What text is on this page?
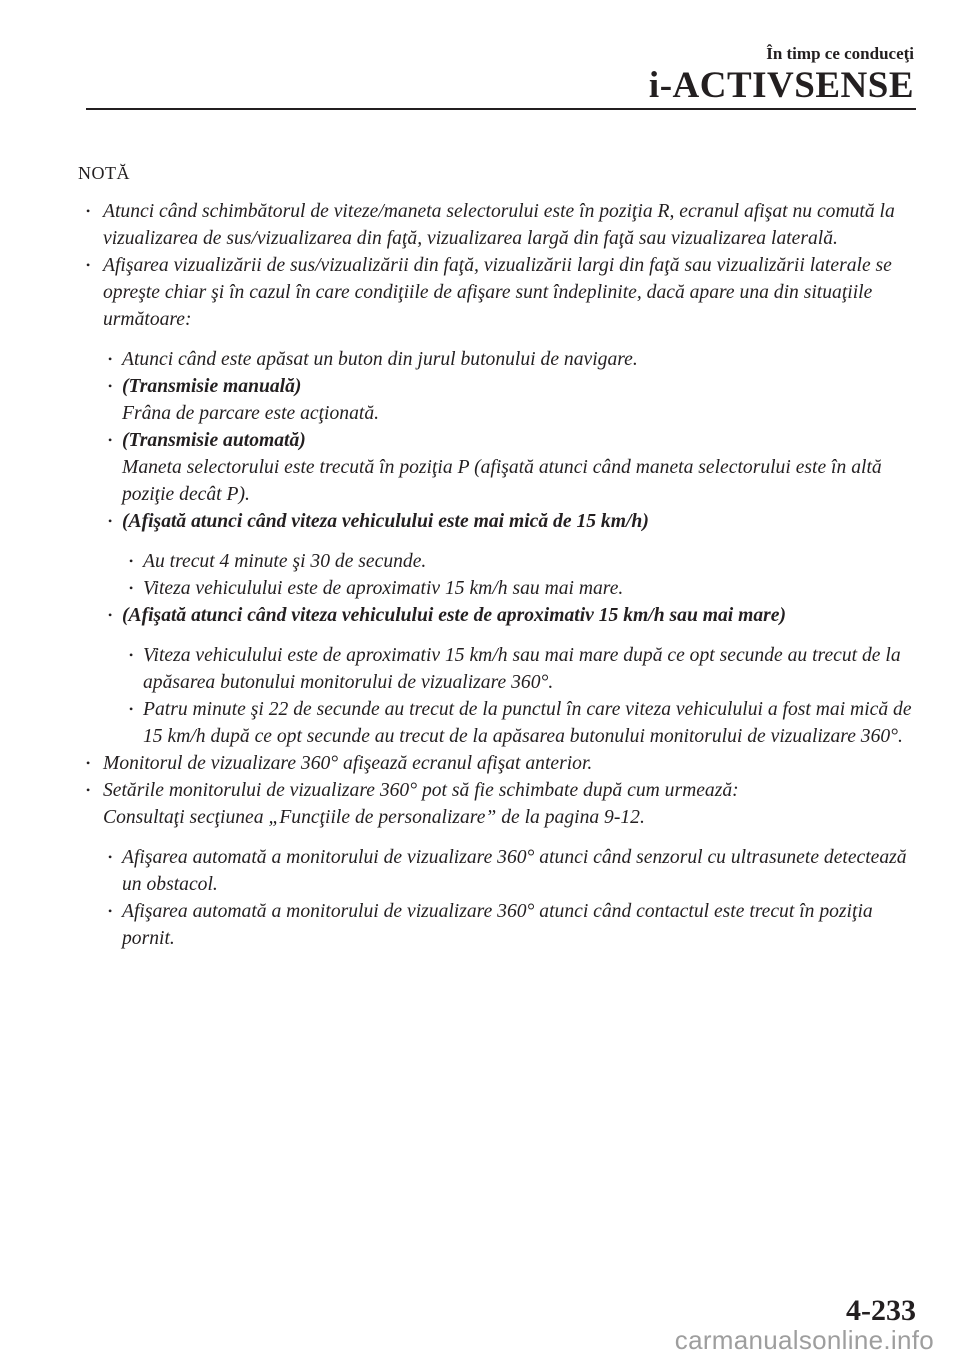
În timp ce conduceţi
i-ACTIVSENSE
NOTĂ
• Atunci când schimbătorul de viteze/maneta selectorului este în poziţia R, ecranul afişat nu comută la vizualizarea de sus/vizualizarea din faţă, vizualizarea largă din faţă sau vizualizarea laterală.
• Afişarea vizualizării de sus/vizualizării din faţă, vizualizării largi din faţă sau vizualizării laterale se opreşte chiar şi în cazul în care condiţiile de afişare sunt îndeplinite, dacă apare una din situaţiile următoare:
• Atunci când este apăsat un buton din jurul butonului de navigare.
• (Transmisie manuală)
Frâna de parcare este acţionată.
• (Transmisie automată)
Maneta selectorului este trecută în poziţia P (afişată atunci când maneta selectorului este în altă poziţie decât P).
• (Afişată atunci când viteza vehiculului este mai mică de 15 km/h)
• Au trecut 4 minute şi 30 de secunde.
• Viteza vehiculului este de aproximativ 15 km/h sau mai mare.
• (Afişată atunci când viteza vehiculului este de aproximativ 15 km/h sau mai mare)
• Viteza vehiculului este de aproximativ 15 km/h sau mai mare după ce opt secunde au trecut de la apăsarea butonului monitorului de vizualizare 360°.
• Patru minute şi 22 de secunde au trecut de la punctul în care viteza vehiculului a fost mai mică de 15 km/h după ce opt secunde au trecut de la apăsarea butonului monitorului de vizualizare 360°.
• Monitorul de vizualizare 360° afişează ecranul afişat anterior.
• Setările monitorului de vizualizare 360° pot să fie schimbate după cum urmează:
Consultaţi secţiunea „Funcţiile de personalizare” de la pagina 9-12.
• Afişarea automată a monitorului de vizualizare 360° atunci când senzorul cu ultrasunete detectează un obstacol.
• Afişarea automată a monitorului de vizualizare 360° atunci când contactul este trecut în poziţia pornit.
4-233
carmanualsonline.info
